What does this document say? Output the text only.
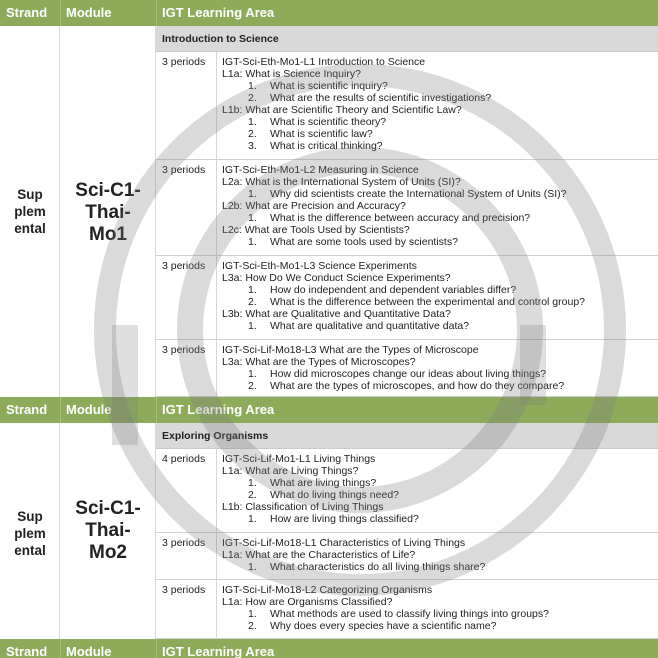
Strand Module	IGT Learning Area
Sup
plem
ental
Sci-C1-
Thai-
Mo1
Introduction to Science
3 periods IGT-Sci-Eth-Mo1-L1 Introduction to Science
L1a: What is Science Inquiry?
1. What is scientific inquiry?
2. What are the results of scientific investigations?
L1b: What are Scientific Theory and Scientific Law?
1. What is scientific theory?
2. What is scientific law?
3. What is critical thinking?
3 periods IGT-Sci-Eth-Mo1-L2 Measuring in Science
L2a: What is the International System of Units (SI)?
1. Why did scientists create the International System of Units (SI)?
L2b: What are Precision and Accuracy?
1. What is the difference between accuracy and precision?
L2c: What are Tools Used by Scientists?
1. What are some tools used by scientists?
3 periods IGT-Sci-Eth-Mo1-L3 Science Experiments
L3a: How Do We Conduct Science Experiments?
1. How do independent and dependent variables differ?
2. What is the difference between the experimental and control group?
L3b: What are Qualitative and Quantitative Data?
1. What are qualitative and quantitative data?
3 periods IGT-Sci-Lif-Mo18-L3 What are the Types of Microscope
L3a: What are the Types of Microscopes?
1. How did microscopes change our ideas about living things?
2. What are the types of microscopes, and how do they compare?
Strand Module	IGT Learning Area
Sup
plem
ental
Sci-C1-
Thai-
Mo2
Exploring Organisms
4 periods IGT-Sci-Lif-Mo1-L1 Living Things
L1a: What are Living Things?
1. What are living things?
2. What do living things need?
L1b: Classification of Living Things
1. How are living things classified?
3 periods IGT-Sci-Lif-Mo18-L1 Characteristics of Living Things
L1a: What are the Characteristics of Life?
1. What characteristics do all living things share?
3 periods IGT-Sci-Lif-Mo18-L2 Categorizing Organisms
L1a: How are Organisms Classified?
1. What methods are used to classify living things into groups?
2. Why does every species have a scientific name?
Strand Module	IGT Learning Area
